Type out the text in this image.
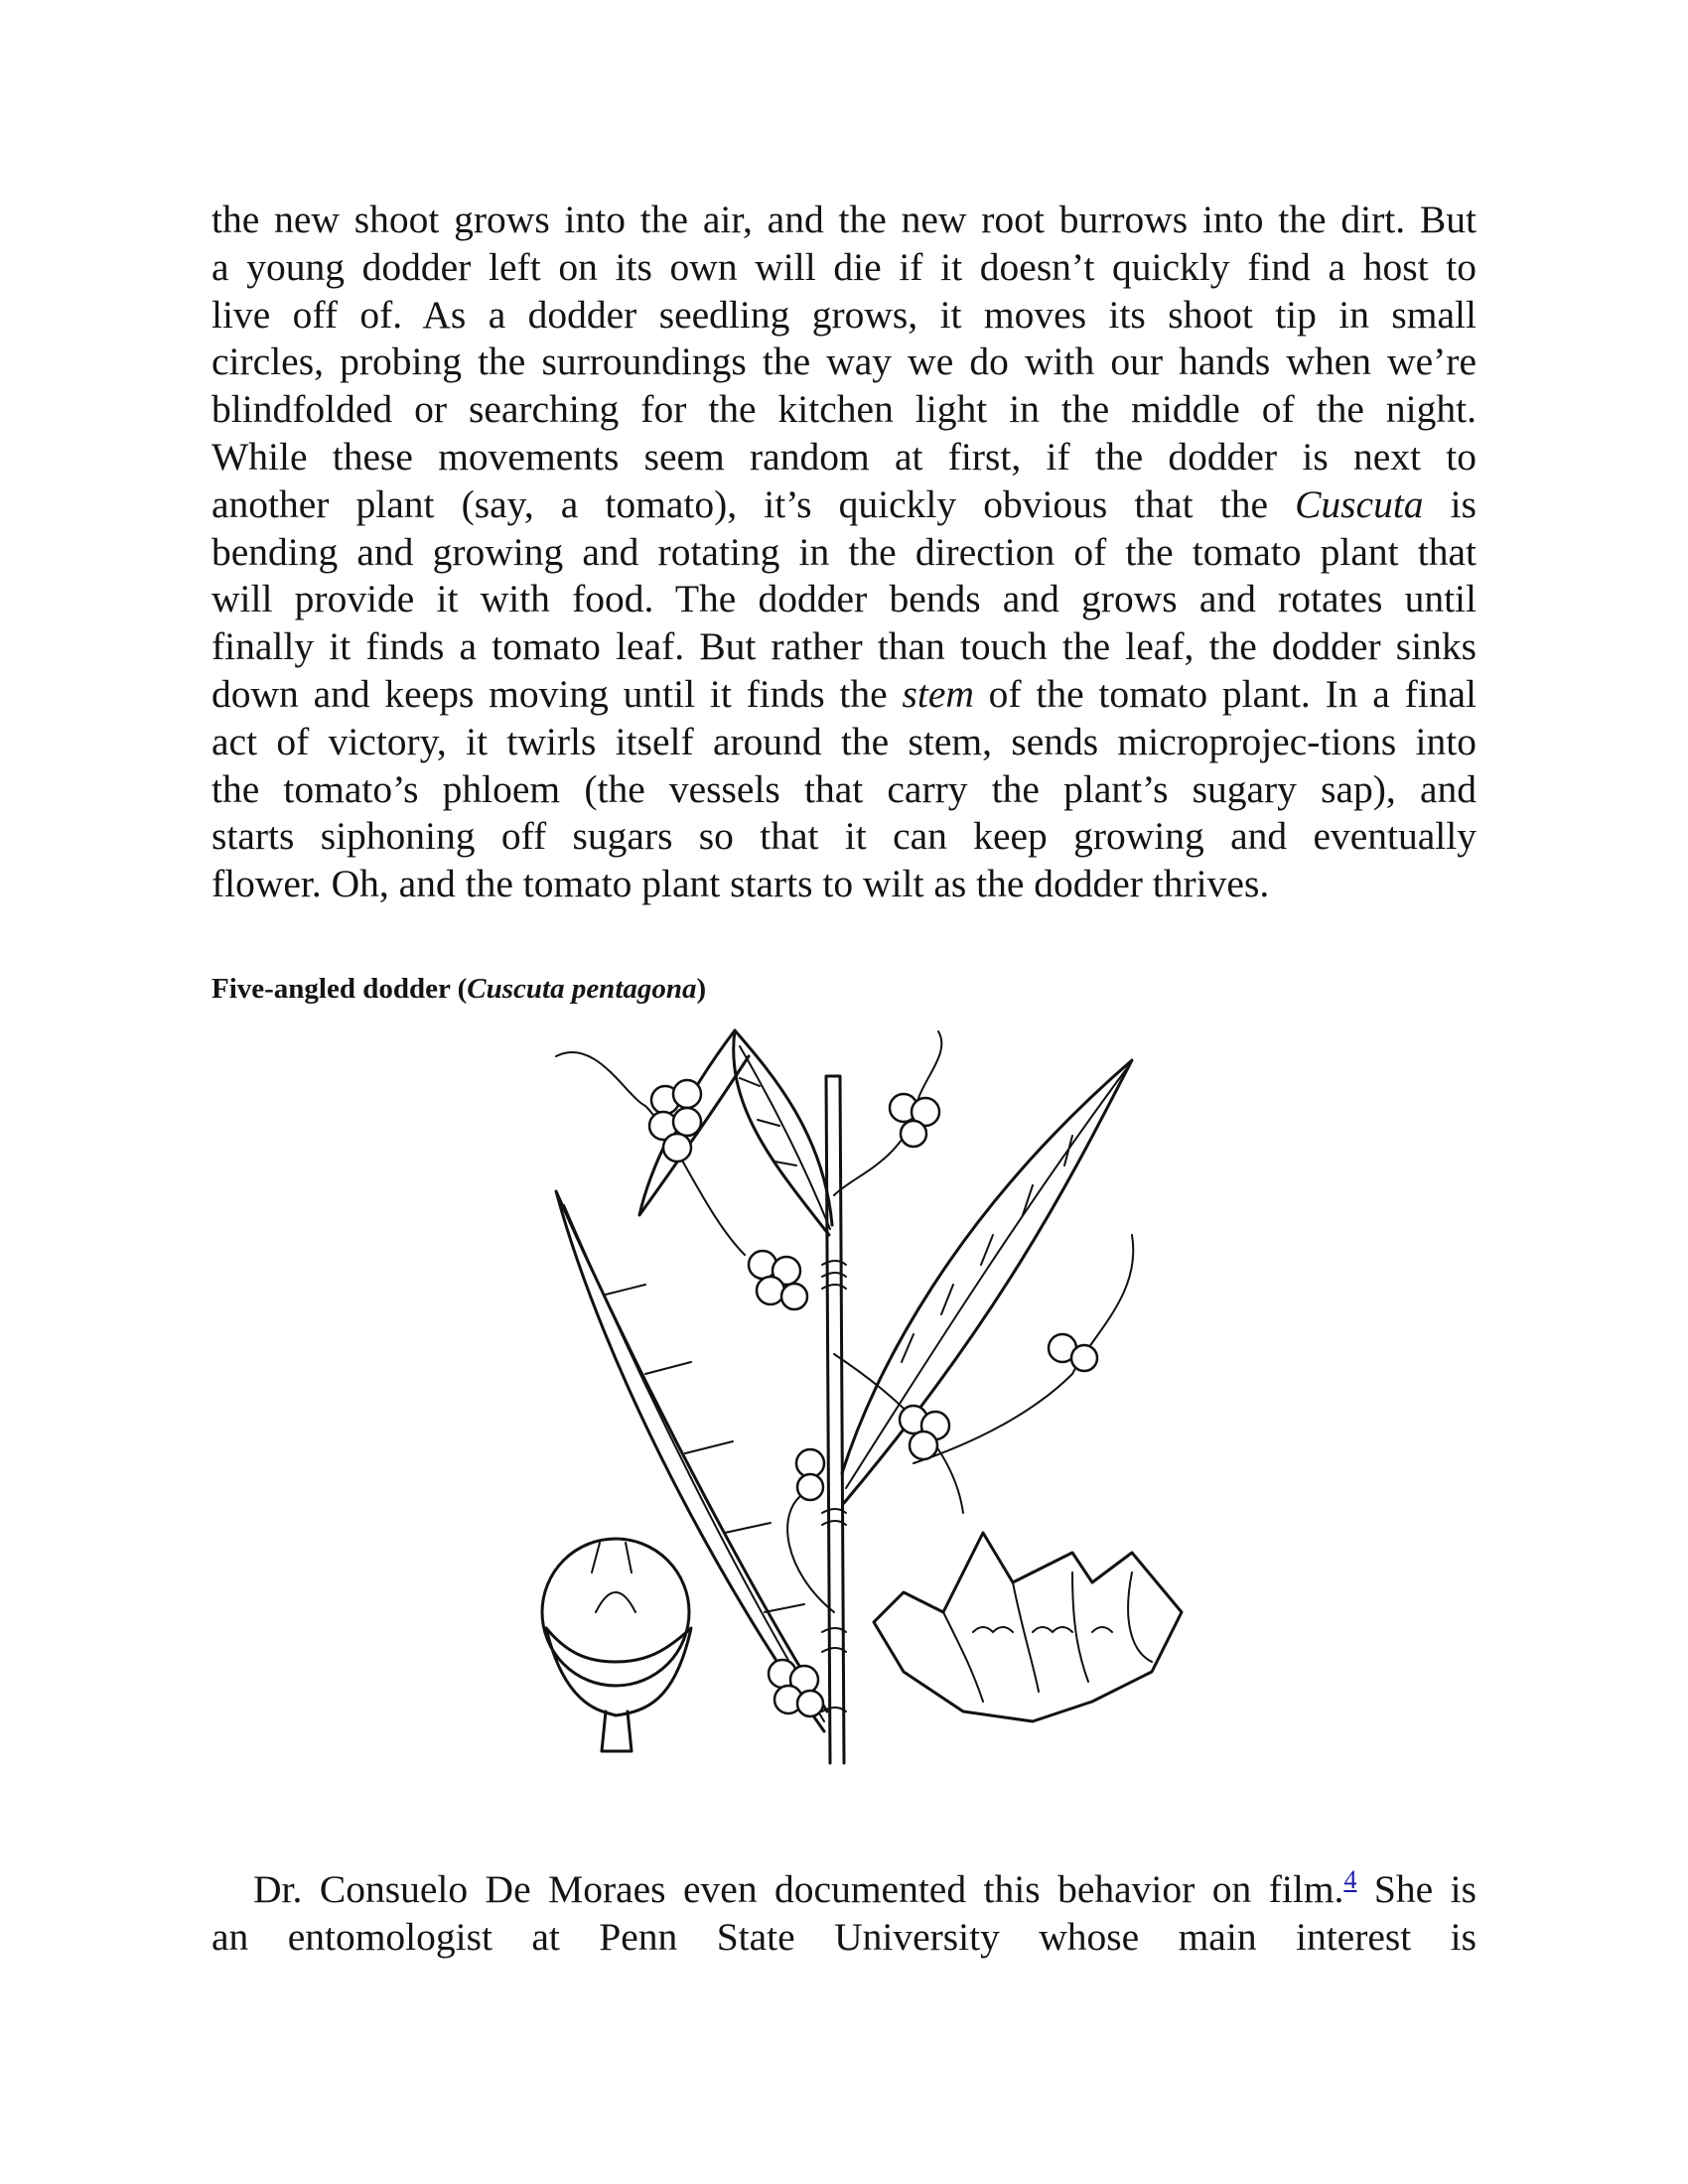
the new shoot grows into the air, and the new root burrows into the dirt. But
a young dodder left on its own will die if it doesn’t quickly find a host to
live off of. As a dodder seedling grows, it moves its shoot tip in small
circles, probing the surroundings the way we do with our hands when we’re
blindfolded or searching for the kitchen light in the middle of the night.
While these movements seem random at first, if the dodder is next to
another plant (say, a tomato), it’s quickly obvious that the Cuscuta is
bending and growing and rotating in the direction of the tomato plant that
will provide it with food. The dodder bends and grows and rotates until
finally it finds a tomato leaf. But rather than touch the leaf, the dodder sinks
down and keeps moving until it finds the stem of the tomato plant. In a final
act of victory, it twirls itself around the stem, sends microprojec-tions into
the tomato’s phloem (the vessels that carry the plant’s sugary sap), and
starts siphoning off sugars so that it can keep growing and eventually
flower. Oh, and the tomato plant starts to wilt as the dodder thrives.
Five-angled dodder (Cuscuta pentagona)
Dr. Consuelo De Moraes even documented this behavior on film.$^4$ She is
an entomologist at Penn State University whose main interest is
